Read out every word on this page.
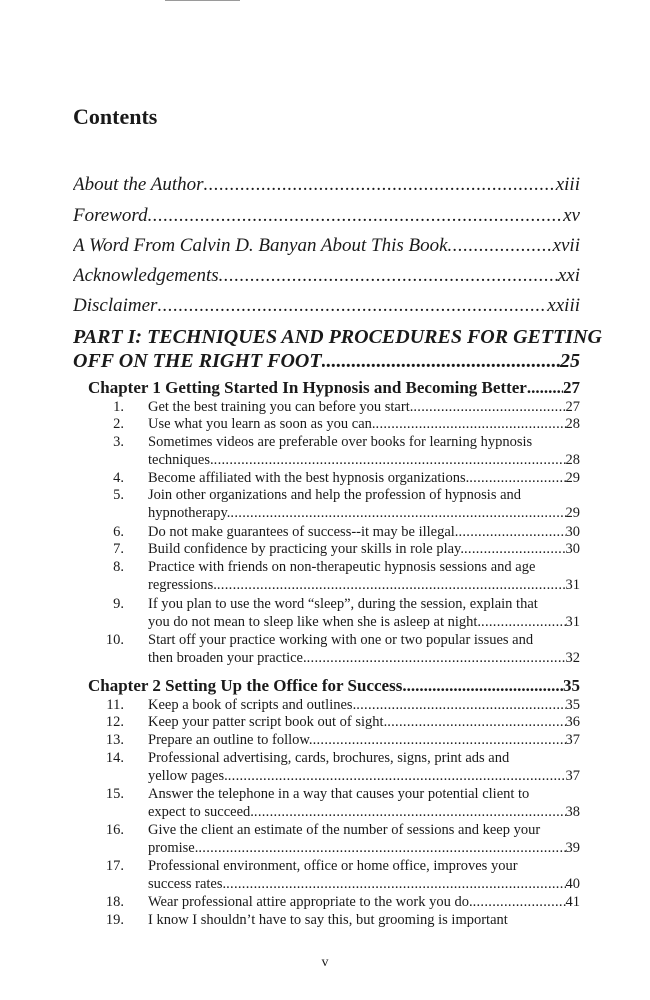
Contents
About the Author .....	xiii
Foreword .....	xv
A Word From Calvin D. Banyan About This Book .....	xvii
Acknowledgements .....	xxi
Disclaimer .....	xxiii
PART I: TECHNIQUES AND PROCEDURES FOR GETTING
OFF ON THE RIGHT FOOT .....	25
Chapter 1 Getting Started In Hypnosis and Becoming Better ..... 27
1. Get the best training you can before you start. .....	27
2. Use what you learn as soon as you can. .....	28
3. Sometimes videos are preferable over books for learning hypnosis
techniques. .....	28
4. Become affiliated with the best hypnosis organizations. .....	29
5. Join other organizations and help the profession of hypnosis and
hypnotherapy. .....	29
6. Do not make guarantees of success--it may be illegal. .....	30
7. Build confidence by practicing your skills in role play. .....	30
8. Practice with friends on non-therapeutic hypnosis sessions and age
regressions. .....	31
9. If you plan to use the word “sleep”, during the session, explain that
you do not mean to sleep like when she is asleep at night. .....	31
10. Start off your practice working with one or two popular issues and
then broaden your practice. .....	32
Chapter 2 Setting Up the Office for Success .....	35
11. Keep a book of scripts and outlines. .....	35
12. Keep your patter script book out of sight. .....	36
13. Prepare an outline to follow. .....	37
14. Professional advertising, cards, brochures, signs, print ads and
yellow pages. .....	37
15. Answer the telephone in a way that causes your potential client to
expect to succeed. .....	38
16. Give the client an estimate of the number of sessions and keep your
promise. .....	39
17. Professional environment, office or home office, improves your
success rates. .....	40
18. Wear professional attire appropriate to the work you do. .....	41
19. I know I shouldn’t have to say this, but grooming is important
v
